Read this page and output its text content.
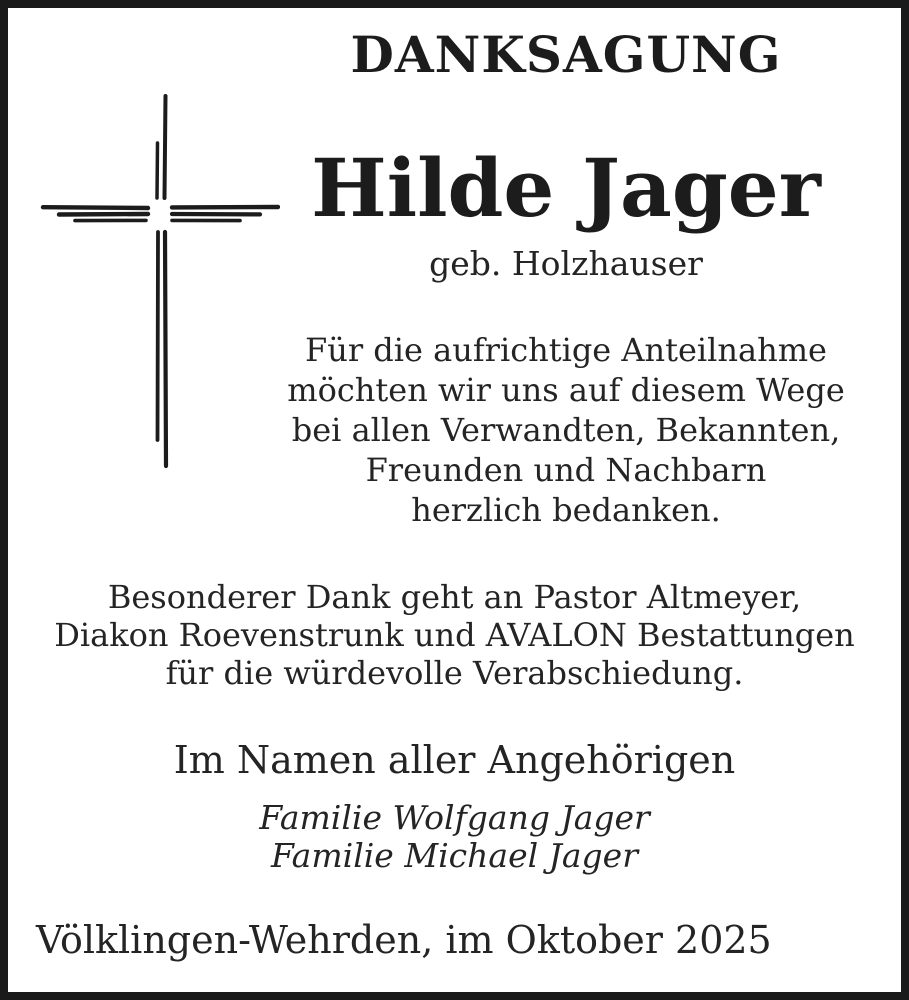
DANKSAGUNG
Hilde Jager
geb. Holzhauser
Für die aufrichtige Anteilnahme
möchten wir uns auf diesem Wege
bei allen Verwandten, Bekannten,
Freunden und Nachbarn
herzlich bedanken.
Besonderer Dank geht an Pastor Altmeyer,
Diakon Roevenstrunk und AVALON Bestattungen
für die würdevolle Verabschiedung.
Im Namen aller Angehörigen
Familie Wolfgang Jager
Familie Michael Jager
Völklingen-Wehrden, im Oktober 2025
